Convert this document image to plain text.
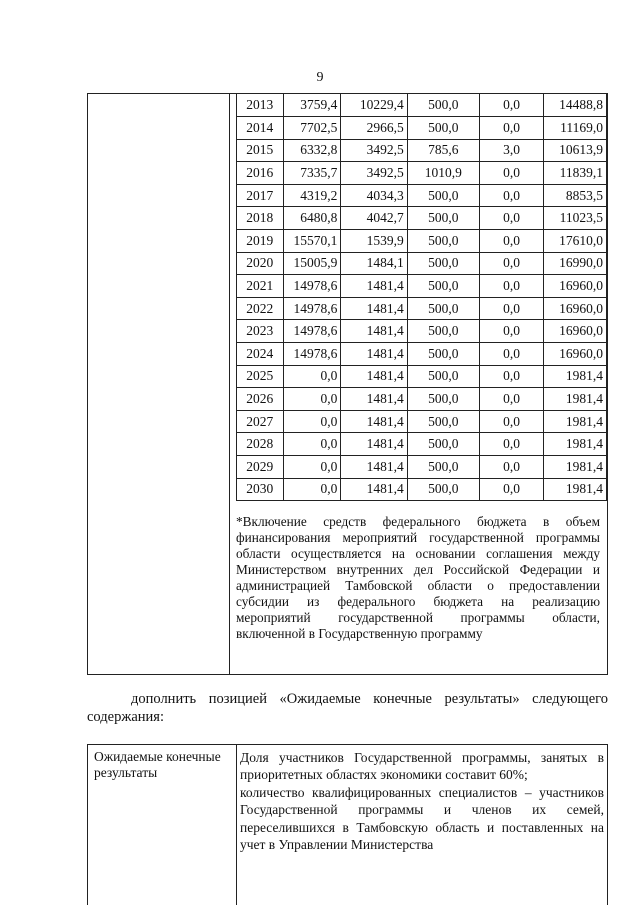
9
2013	3759,4	10229,4	500,0	0,0	14488,8
2014	7702,5	2966,5	500,0	0,0	11169,0
2015	6332,8	3492,5	785,6	3,0	10613,9
2016	7335,7	3492,5	1010,9	0,0	11839,1
2017	4319,2	4034,3	500,0	0,0	8853,5
2018	6480,8	4042,7	500,0	0,0	11023,5
2019	15570,1	1539,9	500,0	0,0	17610,0
2020	15005,9	1484,1	500,0	0,0	16990,0
2021	14978,6	1481,4	500,0	0,0	16960,0
2022	14978,6	1481,4	500,0	0,0	16960,0
2023	14978,6	1481,4	500,0	0,0	16960,0
2024	14978,6	1481,4	500,0	0,0	16960,0
2025	0,0	1481,4	500,0	0,0	1981,4
2026	0,0	1481,4	500,0	0,0	1981,4
2027	0,0	1481,4	500,0	0,0	1981,4
2028	0,0	1481,4	500,0	0,0	1981,4
2029	0,0	1481,4	500,0	0,0	1981,4
2030	0,0	1481,4	500,0	0,0	1981,4
*Включение средств федерального бюджета в объем финансирования мероприятий государственной программы области осуществляется на основании соглашения между Министерством внутренних дел Российской Федерации и администрацией Тамбовской области о предоставлении субсидии из федерального бюджета на реализацию мероприятий государственной программы области, включенной в Государственную программу
дополнить позицией «Ожидаемые конечные результаты» следующего содержания:
Ожидаемые конечные результаты

Доля участников Государственной программы, занятых в приоритетных областях экономики составит 60%;

количество квалифицированных специалистов – участников Государственной программы и членов их семей, переселившихся в Тамбовскую область и поставленных на учет в Управлении Министерства
